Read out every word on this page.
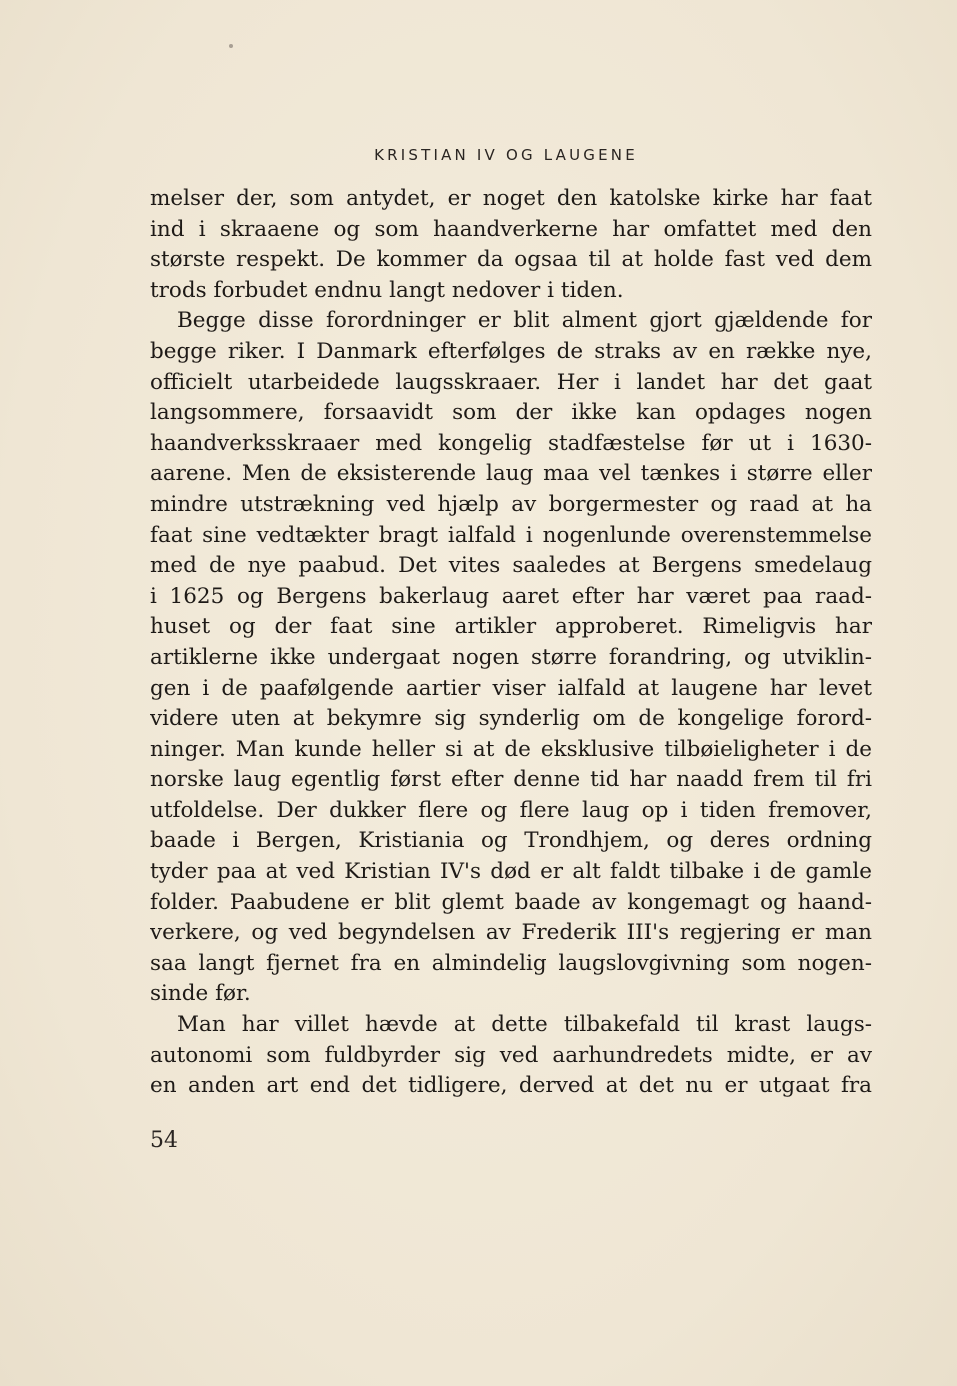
KRISTIAN IV OG LAUGENE
melser der, som antydet, er noget den katolske kirke har faat
ind i skraaene og som haandverkerne har omfattet med den
største respekt. De kommer da ogsaa til at holde fast ved dem
trods forbudet endnu langt nedover i tiden.
Begge disse forordninger er blit alment gjort gjældende for
begge riker. I Danmark efterfølges de straks av en række nye,
officielt utarbeidede laugsskraaer. Her i landet har det gaat
langsommere, forsaavidt som der ikke kan opdages nogen
haandverksskraaer med kongelig stadfæstelse før ut i 1630-
aarene. Men de eksisterende laug maa vel tænkes i større eller
mindre utstrækning ved hjælp av borgermester og raad at ha
faat sine vedtækter bragt ialfald i nogenlunde overenstemmelse
med de nye paabud. Det vites saaledes at Bergens smedelaug
i 1625 og Bergens bakerlaug aaret efter har været paa raad-
huset og der faat sine artikler approberet. Rimeligvis har
artiklerne ikke undergaat nogen større forandring, og utviklin-
gen i de paafølgende aartier viser ialfald at laugene har levet
videre uten at bekymre sig synderlig om de kongelige forord-
ninger. Man kunde heller si at de eksklusive tilbøieligheter i de
norske laug egentlig først efter denne tid har naadd frem til fri
utfoldelse. Der dukker flere og flere laug op i tiden fremover,
baade i Bergen, Kristiania og Trondhjem, og deres ordning
tyder paa at ved Kristian IV's død er alt faldt tilbake i de gamle
folder. Paabudene er blit glemt baade av kongemagt og haand-
verkere, og ved begyndelsen av Frederik III's regjering er man
saa langt fjernet fra en almindelig laugslovgivning som nogen-
sinde før.
Man har villet hævde at dette tilbakefald til krast laugs-
autonomi som fuldbyrder sig ved aarhundredets midte, er av
en anden art end det tidligere, derved at det nu er utgaat fra
54
